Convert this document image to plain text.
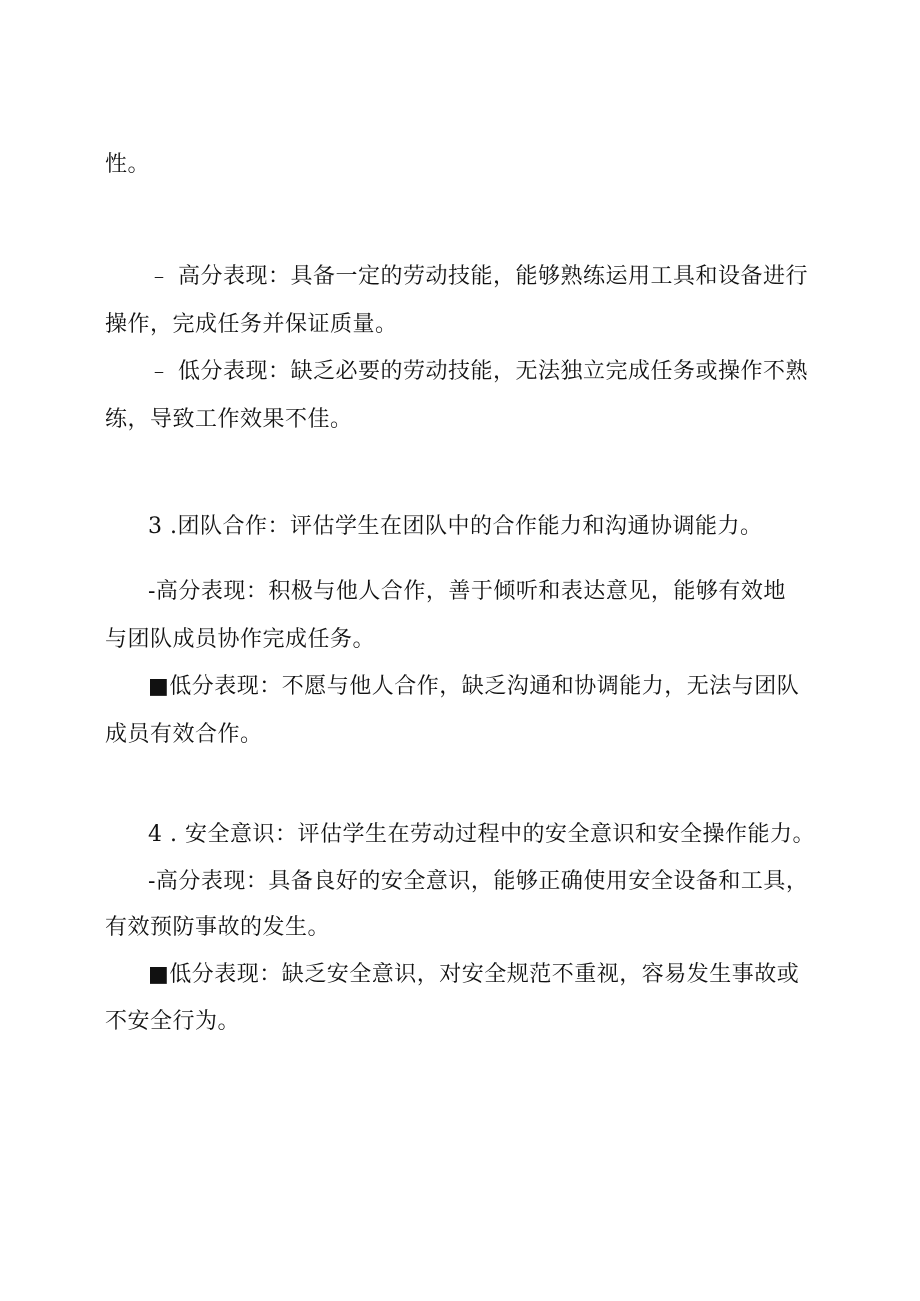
性。
﹣ 高分表现：具备一定的劳动技能，能够熟练运用工具和设备进行
操作，完成任务并保证质量。
﹣ 低分表现：缺乏必要的劳动技能，无法独立完成任务或操作不熟
练，导致工作效果不佳。
3 .团队合作：评估学生在团队中的合作能力和沟通协调能力。
-高分表现：积极与他人合作，善于倾听和表达意见，能够有效地
与团队成员协作完成任务。
■低分表现：不愿与他人合作，缺乏沟通和协调能力，无法与团队
成员有效合作。
4 . 安全意识：评估学生在劳动过程中的安全意识和安全操作能力。
-高分表现：具备良好的安全意识，能够正确使用安全设备和工具，
有效预防事故的发生。
■低分表现：缺乏安全意识，对安全规范不重视，容易发生事故或
不安全行为。
